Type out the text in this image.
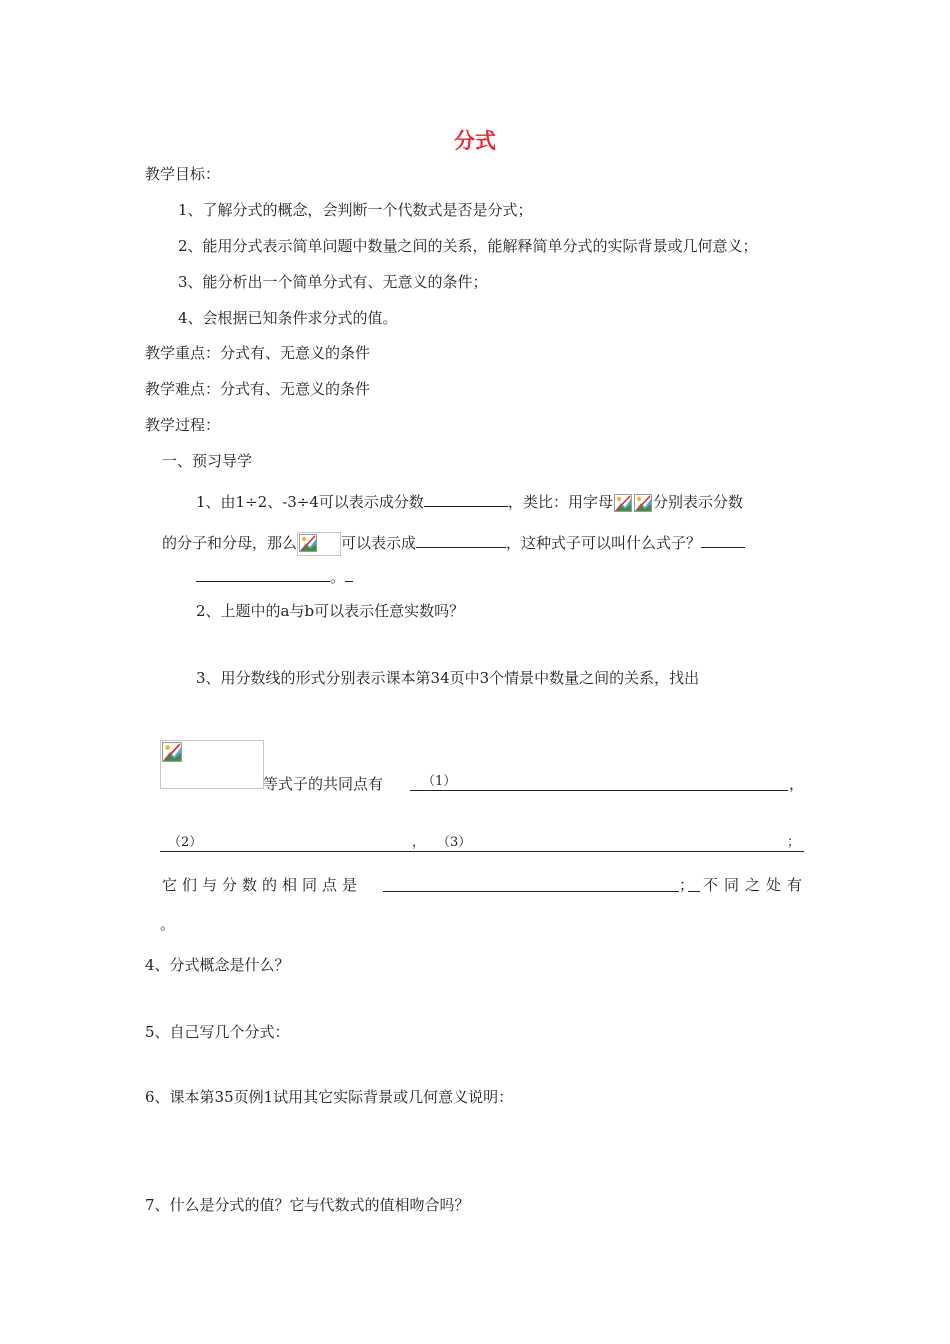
分式
教学目标：
1、了解分式的概念，会判断一个代数式是否是分式；
2、能用分式表示简单问题中数量之间的关系，能解释简单分式的实际背景或几何意义；
3、能分析出一个简单分式有、无意义的条件；
4、会根据已知条件求分式的值。
教学重点：分式有、无意义的条件
教学难点：分式有、无意义的条件
教学过程：
一、预习导学
1、由1÷2、-3÷4可以表示成分数	，类比：用字母	分别表示分数
的分子和分母，那么	可以表示成	，这种式子可以叫什么式子？
。
2、上题中的a与b可以表示任意实数吗？
3、用分数线的形式分别表示课本第34页中3个情景中数量之间的关系，找出
等式子的共同点有	（1）	，
（2）	， （3）	；
它们与分数的相同点是	； 不同之处有
。
4、分式概念是什么？
5、自己写几个分式：
6、课本第35页例1试用其它实际背景或几何意义说明：
7、什么是分式的值？它与代数式的值相吻合吗？
